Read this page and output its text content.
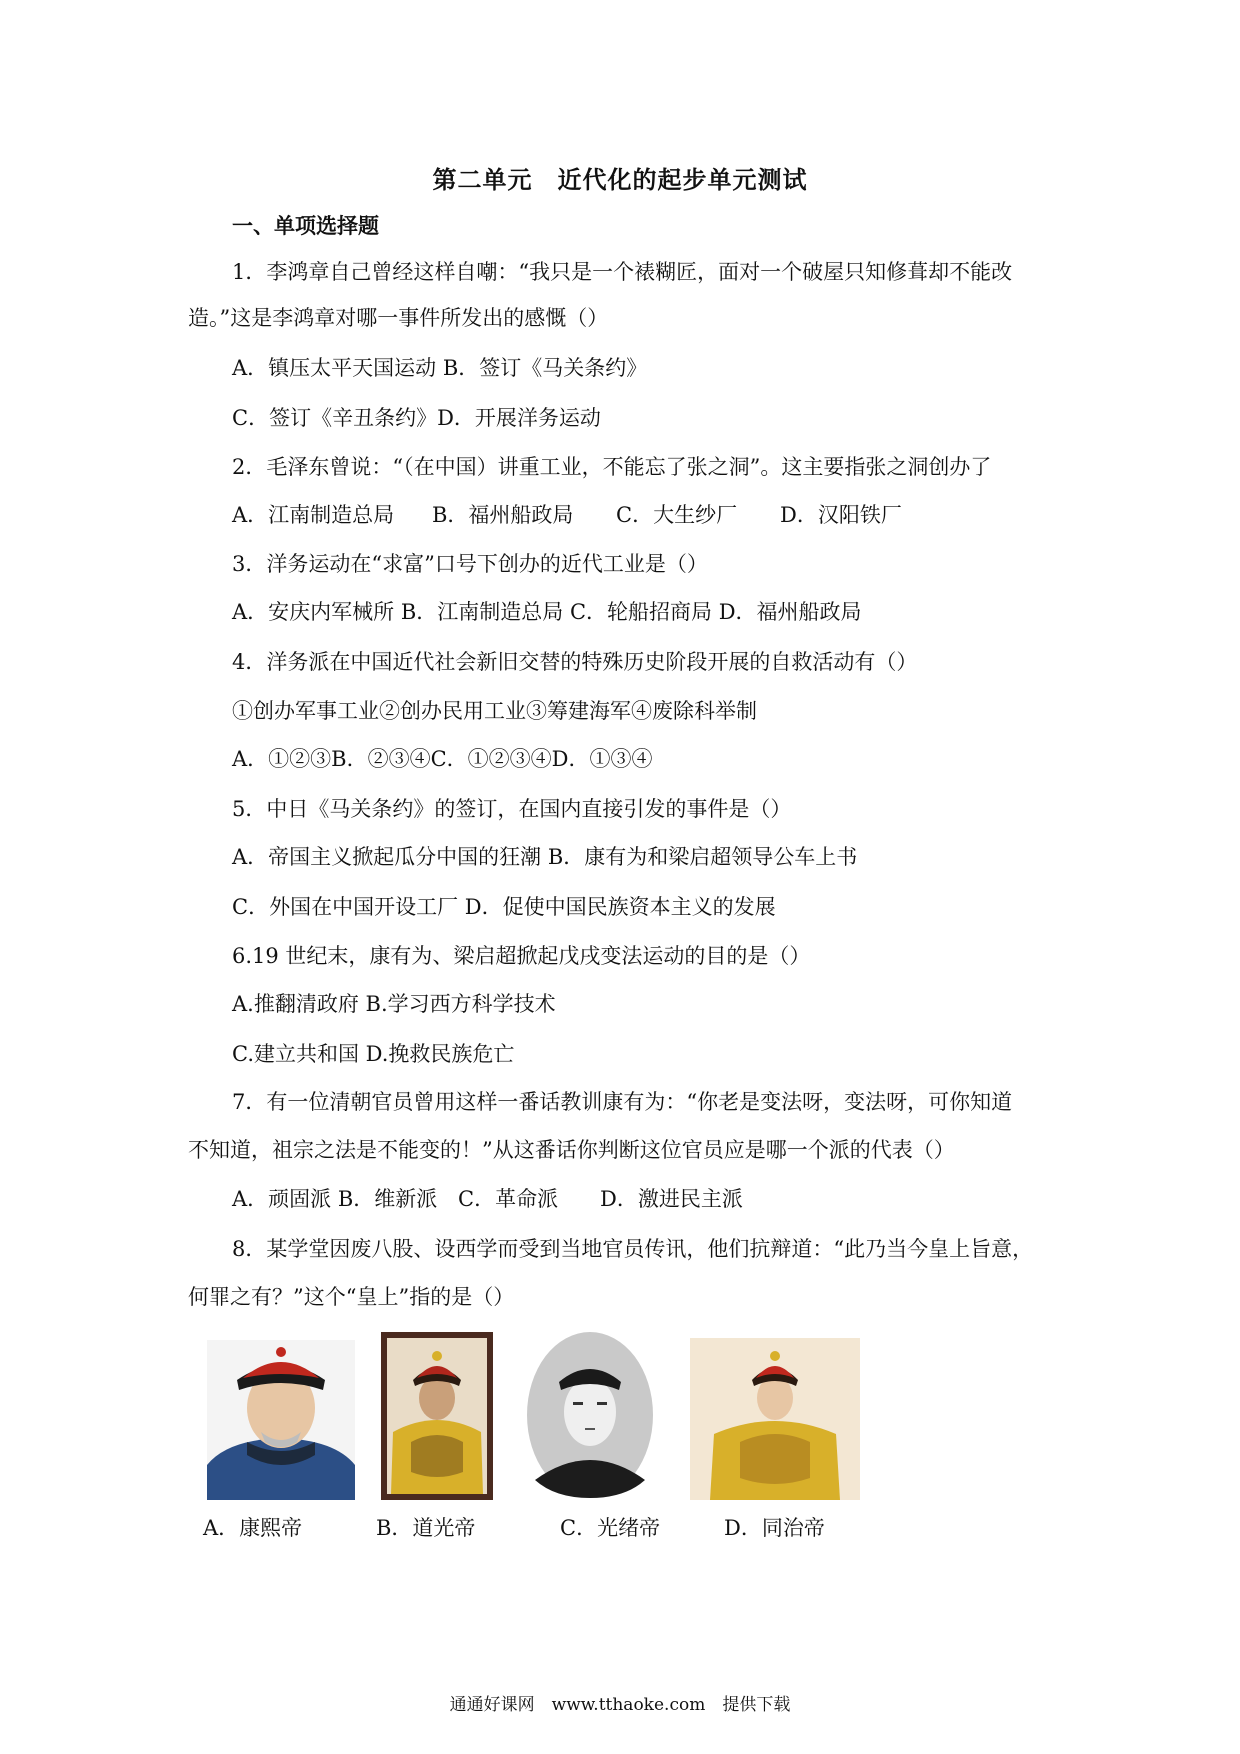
第二单元　近代化的起步单元测试
一、单项选择题
1．李鸿章自己曾经这样自嘲：“我只是一个裱糊匠，面对一个破屋只知修葺却不能改
造。”这是李鸿章对哪一事件所发出的感慨（）
A．镇压太平天国运动 B．签订《马关条约》
C．签订《辛丑条约》D．开展洋务运动
2．毛泽东曾说：“（在中国）讲重工业，不能忘了张之洞”。这主要指张之洞创办了
A．江南制造总局 B．福州船政局 C．大生纱厂 D．汉阳铁厂
3．洋务运动在“求富”口号下创办的近代工业是（）
A．安庆内军械所 B．江南制造总局 C．轮船招商局 D．福州船政局
4．洋务派在中国近代社会新旧交替的特殊历史阶段开展的自救活动有（）
①创办军事工业②创办民用工业③筹建海军④废除科举制
A．①②③B．②③④C．①②③④D．①③④
5．中日《马关条约》的签订，在国内直接引发的事件是（）
A．帝国主义掀起瓜分中国的狂潮 B．康有为和梁启超领导公车上书
C．外国在中国开设工厂 D．促使中国民族资本主义的发展
6.19 世纪末，康有为、梁启超掀起戊戌变法运动的目的是（）
A.推翻清政府 B.学习西方科学技术
C.建立共和国 D.挽救民族危亡
7．有一位清朝官员曾用这样一番话教训康有为：“你老是变法呀，变法呀，可你知道
不知道，祖宗之法是不能变的！”从这番话你判断这位官员应是哪一个派的代表（）
A．顽固派 B．维新派 C．革命派 D．激进民主派
8．某学堂因废八股、设西学而受到当地官员传讯，他们抗辩道：“此乃当今皇上旨意，
何罪之有？”这个“皇上”指的是（）
A．康熙帝	B．道光帝	C．光绪帝	D．同治帝
通通好课网　www.tthaoke.com　提供下载
